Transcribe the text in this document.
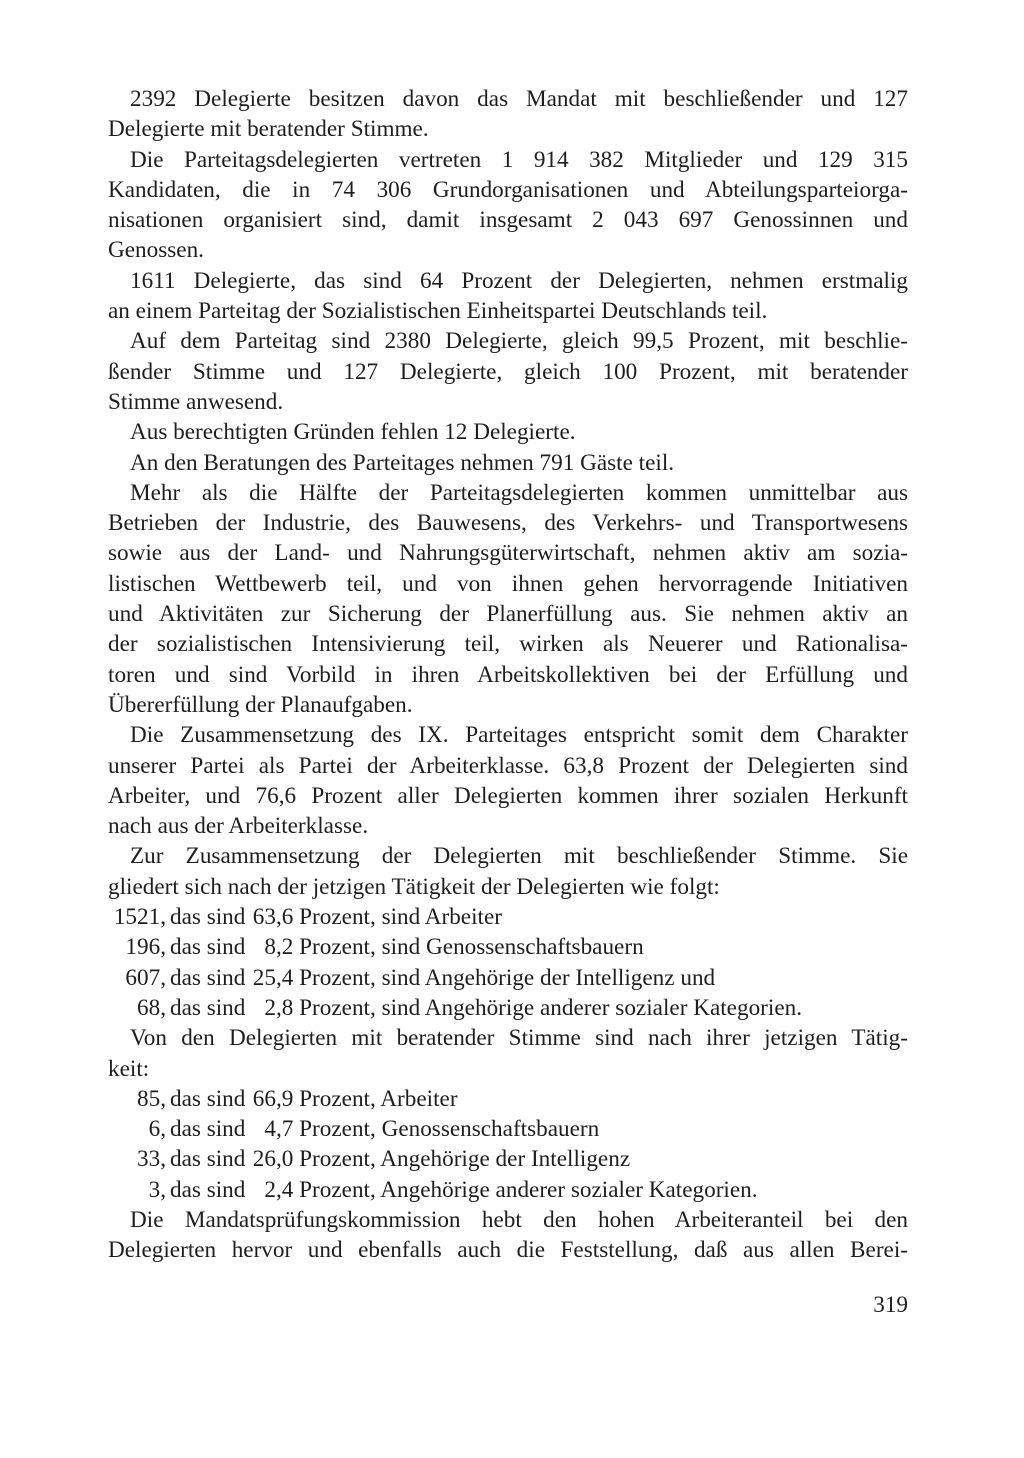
2392 Delegierte besitzen davon das Mandat mit beschließender und 127
Delegierte mit beratender Stimme.
Die Parteitagsdelegierten vertreten 1 914 382 Mitglieder und 129 315
Kandidaten, die in 74 306 Grundorganisationen und Abteilungsparteiorga-
nisationen organisiert sind, damit insgesamt 2 043 697 Genossinnen und
Genossen.
1611 Delegierte, das sind 64 Prozent der Delegierten, nehmen erstmalig
an einem Parteitag der Sozialistischen Einheitspartei Deutschlands teil.
Auf dem Parteitag sind 2380 Delegierte, gleich 99,5 Prozent, mit beschlie-
ßender Stimme und 127 Delegierte, gleich 100 Prozent, mit beratender
Stimme anwesend.
Aus berechtigten Gründen fehlen 12 Delegierte.
An den Beratungen des Parteitages nehmen 791 Gäste teil.
Mehr als die Hälfte der Parteitagsdelegierten kommen unmittelbar aus
Betrieben der Industrie, des Bauwesens, des Verkehrs- und Transportwesens
sowie aus der Land- und Nahrungsgüterwirtschaft, nehmen aktiv am sozia-
listischen Wettbewerb teil, und von ihnen gehen hervorragende Initiativen
und Aktivitäten zur Sicherung der Planerfüllung aus. Sie nehmen aktiv an
der sozialistischen Intensivierung teil, wirken als Neuerer und Rationalisa-
toren und sind Vorbild in ihren Arbeitskollektiven bei der Erfüllung und
Übererfüllung der Planaufgaben.
Die Zusammensetzung des IX. Parteitages entspricht somit dem Charakter
unserer Partei als Partei der Arbeiterklasse. 63,8 Prozent der Delegierten sind
Arbeiter, und 76,6 Prozent aller Delegierten kommen ihrer sozialen Herkunft
nach aus der Arbeiterklasse.
Zur Zusammensetzung der Delegierten mit beschließender Stimme. Sie
gliedert sich nach der jetzigen Tätigkeit der Delegierten wie folgt:
1521, das sind 63,6
Prozent, sind Arbeiter
196, das sind 8,2
Prozent, sind Genossenschaftsbauern
607, das sind 25,4
Prozent, sind Angehörige der Intelligenz und
68, das sind 2,8
Prozent, sind Angehörige anderer sozialer Kategorien.
Von den Delegierten mit beratender Stimme sind nach ihrer jetzigen Tätig-
keit:
85, das sind 66,9
Prozent, Arbeiter
6, das sind 4,7
Prozent, Genossenschaftsbauern
33, das sind 26,0
Prozent, Angehörige der Intelligenz
3, das sind 2,4
Prozent, Angehörige anderer sozialer Kategorien.
Die Mandatsprüfungskommission hebt den hohen Arbeiteranteil bei den
Delegierten hervor und ebenfalls auch die Feststellung, daß aus allen Berei-
319
